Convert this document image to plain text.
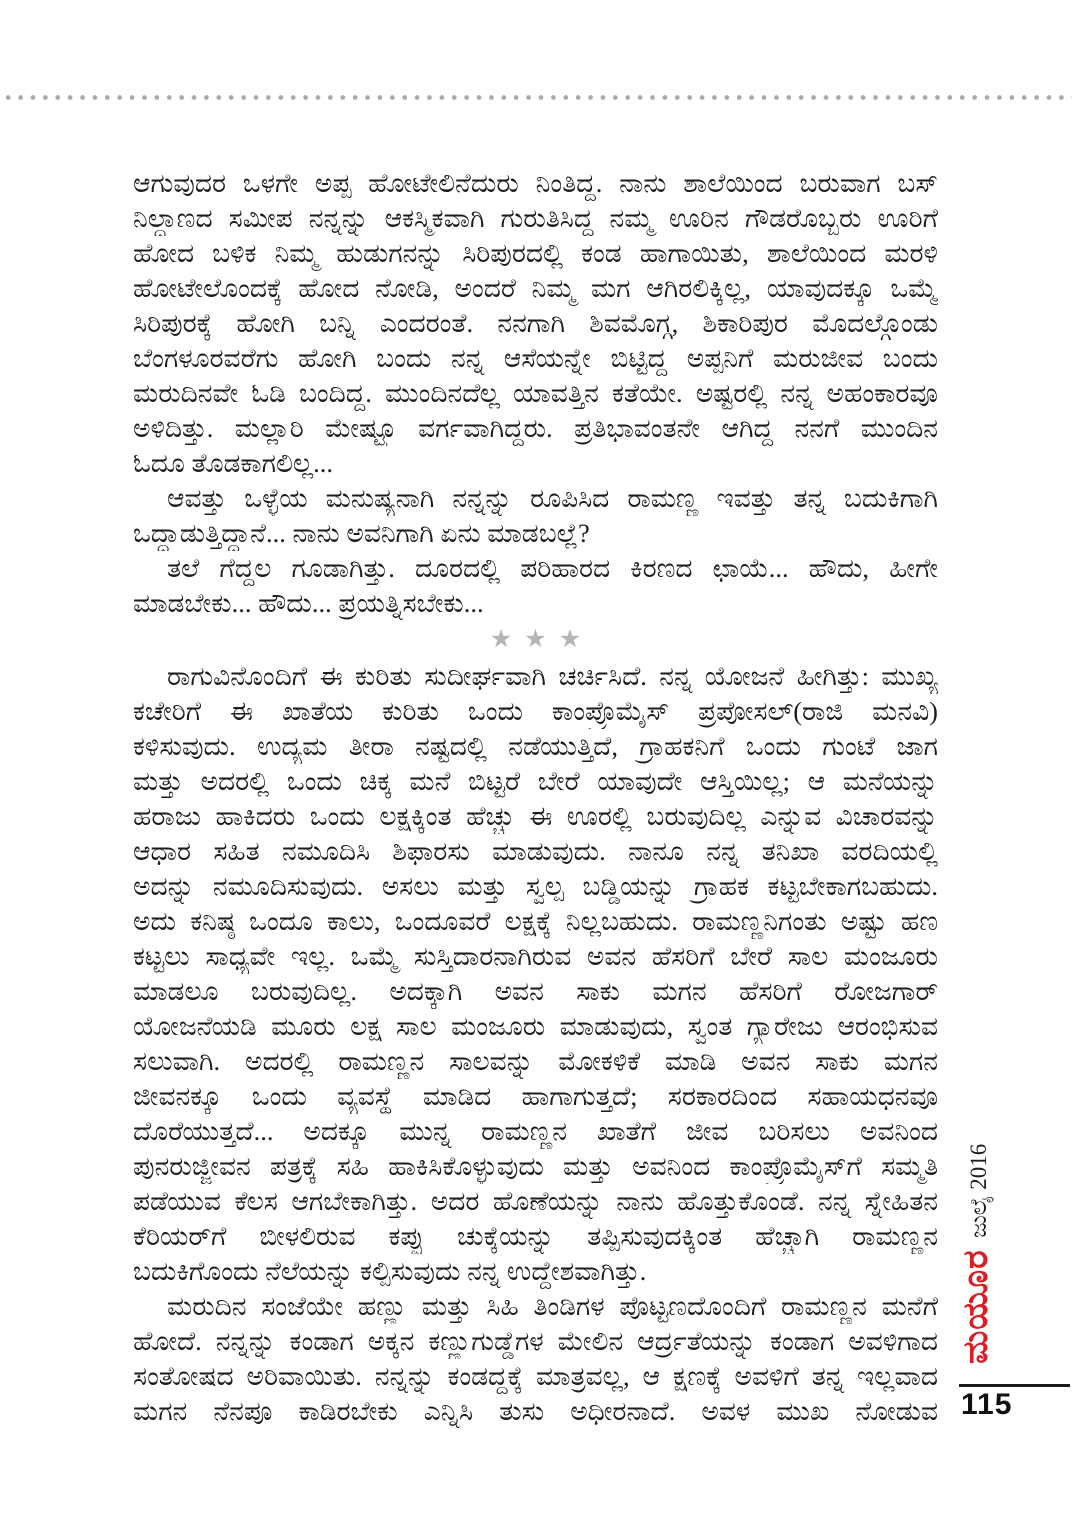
ಆಗುವುದರ ಒಳಗೇ ಅಪ್ಪ ಹೋಟೇಲಿನೆದುರು ನಿಂತಿದ್ದ. ನಾನು ಶಾಲೆಯಿಂದ ಬರುವಾಗ ಬಸ್
ನಿಲ್ದಾಣದ ಸಮೀಪ ನನ್ನನ್ನು ಆಕಸ್ಮಿಕವಾಗಿ ಗುರುತಿಸಿದ್ದ ನಮ್ಮ ಊರಿನ ಗೌಡರೊಬ್ಬರು ಊರಿಗೆ
ಹೋದ ಬಳಿಕ ನಿಮ್ಮ ಹುಡುಗನನ್ನು ಸಿರಿಪುರದಲ್ಲಿ ಕಂಡ ಹಾಗಾಯಿತು, ಶಾಲೆಯಿಂದ ಮರಳಿ
ಹೋಟೇಲೊಂದಕ್ಕೆ ಹೋದ ನೋಡಿ, ಅಂದರೆ ನಿಮ್ಮ ಮಗ ಆಗಿರಲಿಕ್ಕಿಲ್ಲ, ಯಾವುದಕ್ಕೂ ಒಮ್ಮೆ
ಸಿರಿಪುರಕ್ಕೆ ಹೋಗಿ ಬನ್ನಿ ಎಂದರಂತೆ. ನನಗಾಗಿ ಶಿವಮೊಗ್ಗ, ಶಿಕಾರಿಪುರ ಮೊದಲ್ಗೊಂಡು
ಬೆಂಗಳೂರವರೆಗು ಹೋಗಿ ಬಂದು ನನ್ನ ಆಸೆಯನ್ನೇ ಬಿಟ್ಟಿದ್ದ ಅಪ್ಪನಿಗೆ ಮರುಜೀವ ಬಂದು
ಮರುದಿನವೇ ಓಡಿ ಬಂದಿದ್ದ. ಮುಂದಿನದೆಲ್ಲ ಯಾವತ್ತಿನ ಕತೆಯೇ. ಅಷ್ಟರಲ್ಲಿ ನನ್ನ ಅಹಂಕಾರವೂ
ಅಳಿದಿತ್ತು. ಮಲ್ಲಾರಿ ಮೇಷ್ಟ್ರೂ ವರ್ಗವಾಗಿದ್ದರು. ಪ್ರತಿಭಾವಂತನೇ ಆಗಿದ್ದ ನನಗೆ ಮುಂದಿನ
ಓದೂ ತೊಡಕಾಗಲಿಲ್ಲ...
ಆವತ್ತು ಒಳ್ಳೆಯ ಮನುಷ್ಯನಾಗಿ ನನ್ನನ್ನು ರೂಪಿಸಿದ ರಾಮಣ್ಣ ಇವತ್ತು ತನ್ನ ಬದುಕಿಗಾಗಿ
ಒದ್ದಾಡುತ್ತಿದ್ದಾನೆ... ನಾನು ಅವನಿಗಾಗಿ ಏನು ಮಾಡಬಲ್ಲೆ?
ತಲೆ ಗೆದ್ದಲ ಗೂಡಾಗಿತ್ತು. ದೂರದಲ್ಲಿ ಪರಿಹಾರದ ಕಿರಣದ ಛಾಯೆ... ಹೌದು, ಹೀಗೇ
ಮಾಡಬೇಕು... ಹೌದು... ಪ್ರಯತ್ನಿಸಬೇಕು...
★★★
ರಾಗುವಿನೊಂದಿಗೆ ಈ ಕುರಿತು ಸುದೀರ್ಘವಾಗಿ ಚರ್ಚಿಸಿದೆ. ನನ್ನ ಯೋಜನೆ ಹೀಗಿತ್ತು: ಮುಖ್ಯ
ಕಚೇರಿಗೆ ಈ ಖಾತೆಯ ಕುರಿತು ಒಂದು ಕಾಂಪ್ರೊಮೈಸ್ ಪ್ರಪೋಸಲ್(ರಾಜಿ ಮನವಿ)
ಕಳಿಸುವುದು. ಉದ್ಯಮ ತೀರಾ ನಷ್ಟದಲ್ಲಿ ನಡೆಯುತ್ತಿದೆ, ಗ್ರಾಹಕನಿಗೆ ಒಂದು ಗುಂಟೆ ಜಾಗ
ಮತ್ತು ಅದರಲ್ಲಿ ಒಂದು ಚಿಕ್ಕ ಮನೆ ಬಿಟ್ಟರೆ ಬೇರೆ ಯಾವುದೇ ಆಸ್ತಿಯಿಲ್ಲ; ಆ ಮನೆಯನ್ನು
ಹರಾಜು ಹಾಕಿದರು ಒಂದು ಲಕ್ಷಕ್ಕಿಂತ ಹೆಚ್ಚು ಈ ಊರಲ್ಲಿ ಬರುವುದಿಲ್ಲ ಎನ್ನುವ ವಿಚಾರವನ್ನು
ಆಧಾರ ಸಹಿತ ನಮೂದಿಸಿ ಶಿಫಾರಸು ಮಾಡುವುದು. ನಾನೂ ನನ್ನ ತನಿಖಾ ವರದಿಯಲ್ಲಿ
ಅದನ್ನು ನಮೂದಿಸುವುದು. ಅಸಲು ಮತ್ತು ಸ್ವಲ್ಪ ಬಡ್ಡಿಯನ್ನು ಗ್ರಾಹಕ ಕಟ್ಟಬೇಕಾಗಬಹುದು.
ಅದು ಕನಿಷ್ಠ ಒಂದೂ ಕಾಲು, ಒಂದೂವರೆ ಲಕ್ಷಕ್ಕೆ ನಿಲ್ಲಬಹುದು. ರಾಮಣ್ಣನಿಗಂತು ಅಷ್ಟು ಹಣ
ಕಟ್ಟಲು ಸಾಧ್ಯವೇ ಇಲ್ಲ. ಒಮ್ಮೆ ಸುಸ್ತಿದಾರನಾಗಿರುವ ಅವನ ಹೆಸರಿಗೆ ಬೇರೆ ಸಾಲ ಮಂಜೂರು
ಮಾಡಲೂ ಬರುವುದಿಲ್ಲ. ಅದಕ್ಕಾಗಿ ಅವನ ಸಾಕು ಮಗನ ಹೆಸರಿಗೆ ರೋಜಗಾರ್
ಯೋಜನೆಯಡಿ ಮೂರು ಲಕ್ಷ ಸಾಲ ಮಂಜೂರು ಮಾಡುವುದು, ಸ್ವಂತ ಗ್ಯಾರೇಜು ಆರಂಭಿಸುವ
ಸಲುವಾಗಿ. ಅದರಲ್ಲಿ ರಾಮಣ್ಣನ ಸಾಲವನ್ನು ಮೋಕಳಿಕೆ ಮಾಡಿ ಅವನ ಸಾಕು ಮಗನ
ಜೀವನಕ್ಕೂ ಒಂದು ವ್ಯವಸ್ಥೆ ಮಾಡಿದ ಹಾಗಾಗುತ್ತದೆ; ಸರಕಾರದಿಂದ ಸಹಾಯಧನವೂ
ದೊರೆಯುತ್ತದೆ... ಅದಕ್ಕೂ ಮುನ್ನ ರಾಮಣ್ಣನ ಖಾತೆಗೆ ಜೀವ ಬರಿಸಲು ಅವನಿಂದ
ಪುನರುಜ್ಜೀವನ ಪತ್ರಕ್ಕೆ ಸಹಿ ಹಾಕಿಸಿಕೊಳ್ಳುವುದು ಮತ್ತು ಅವನಿಂದ ಕಾಂಪ್ರೊಮೈಸ್‌ಗೆ ಸಮ್ಮತಿ
ಪಡೆಯುವ ಕೆಲಸ ಆಗಬೇಕಾಗಿತ್ತು. ಅದರ ಹೊಣೆಯನ್ನು ನಾನು ಹೊತ್ತುಕೊಂಡೆ. ನನ್ನ ಸ್ನೇಹಿತನ
ಕೆರಿಯರ್‌ಗೆ ಬೀಳಲಿರುವ ಕಪ್ಪು ಚುಕ್ಕೆಯನ್ನು ತಪ್ಪಿಸುವುದಕ್ಕಿಂತ ಹೆಚ್ಚಾಗಿ ರಾಮಣ್ಣನ
ಬದುಕಿಗೊಂದು ನೆಲೆಯನ್ನು ಕಲ್ಪಿಸುವುದು ನನ್ನ ಉದ್ದೇಶವಾಗಿತ್ತು.
ಮರುದಿನ ಸಂಜೆಯೇ ಹಣ್ಣು ಮತ್ತು ಸಿಹಿ ತಿಂಡಿಗಳ ಪೊಟ್ಟಣದೊಂದಿಗೆ ರಾಮಣ್ಣನ ಮನೆಗೆ
ಹೋದೆ. ನನ್ನನ್ನು ಕಂಡಾಗ ಅಕ್ಕನ ಕಣ್ಣುಗುಡ್ಡೆಗಳ ಮೇಲಿನ ಆರ್ದ್ರತೆಯನ್ನು ಕಂಡಾಗ ಅವಳಿಗಾದ
ಸಂತೋಷದ ಅರಿವಾಯಿತು. ನನ್ನನ್ನು ಕಂಡದ್ದಕ್ಕೆ ಮಾತ್ರವಲ್ಲ, ಆ ಕ್ಷಣಕ್ಕೆ ಅವಳಿಗೆ ತನ್ನ ಇಲ್ಲವಾದ
ಮಗನ ನೆನಪೂ ಕಾಡಿರಬೇಕು ಎನ್ನಿಸಿ ತುಸು ಅಧೀರನಾದೆ. ಅವಳ ಮುಖ ನೋಡುವ
ಜುಲೈ 2016
ಮಯೂರ
115
